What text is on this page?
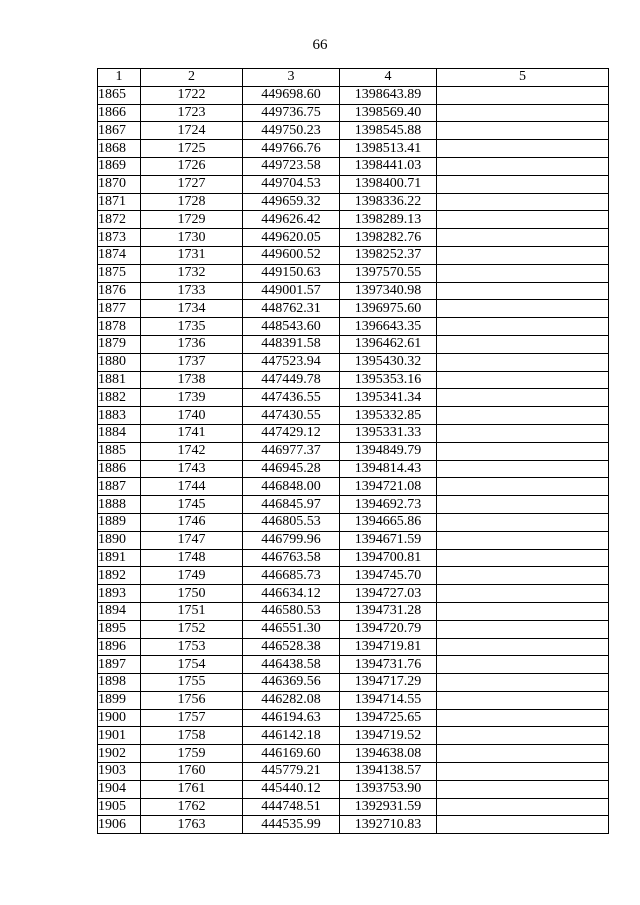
66
1	2	3	4	5
1865	1722	449698.60	1398643.89	
1866	1723	449736.75	1398569.40	
1867	1724	449750.23	1398545.88	
1868	1725	449766.76	1398513.41	
1869	1726	449723.58	1398441.03	
1870	1727	449704.53	1398400.71	
1871	1728	449659.32	1398336.22	
1872	1729	449626.42	1398289.13	
1873	1730	449620.05	1398282.76	
1874	1731	449600.52	1398252.37	
1875	1732	449150.63	1397570.55	
1876	1733	449001.57	1397340.98	
1877	1734	448762.31	1396975.60	
1878	1735	448543.60	1396643.35	
1879	1736	448391.58	1396462.61	
1880	1737	447523.94	1395430.32	
1881	1738	447449.78	1395353.16	
1882	1739	447436.55	1395341.34	
1883	1740	447430.55	1395332.85	
1884	1741	447429.12	1395331.33	
1885	1742	446977.37	1394849.79	
1886	1743	446945.28	1394814.43	
1887	1744	446848.00	1394721.08	
1888	1745	446845.97	1394692.73	
1889	1746	446805.53	1394665.86	
1890	1747	446799.96	1394671.59	
1891	1748	446763.58	1394700.81	
1892	1749	446685.73	1394745.70	
1893	1750	446634.12	1394727.03	
1894	1751	446580.53	1394731.28	
1895	1752	446551.30	1394720.79	
1896	1753	446528.38	1394719.81	
1897	1754	446438.58	1394731.76	
1898	1755	446369.56	1394717.29	
1899	1756	446282.08	1394714.55	
1900	1757	446194.63	1394725.65	
1901	1758	446142.18	1394719.52	
1902	1759	446169.60	1394638.08	
1903	1760	445779.21	1394138.57	
1904	1761	445440.12	1393753.90	
1905	1762	444748.51	1392931.59	
1906	1763	444535.99	1392710.83	
